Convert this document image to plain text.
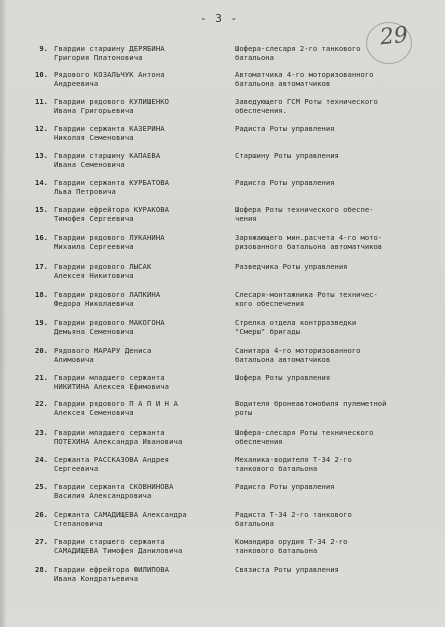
- 3 -
29
9. Гвардии старшину ДЕРЯБИНА
Григория Платоновича
Шофера-слесаря 2-го танкового
батальона
10. Рядового КОЗАЛЬЧУК Антона
Андреевича
Автоматчика 4-го моторизованного
батальона автоматчиков
11. Гвардии рядового КУЛИШЕНКО
Ивана Григорьевича
Заведующего ГСМ Роты технического
обеспечения.
12. Гвардии сержанта КАЗЕРИНА
Николая Семеновича
Радиста Роты управления
13. Гвардии старшину КАПАЕВА
Ивана Семеновича
Старшину Роты управления
14. Гвардии сержанта КУРБАТОВА
Льва Петровича
Радиста Роты управления
15. Гвардии ефрейтора КУРАКОВА
Тимофея Сергеевича
Шофера Роты технического обеспе-
чения
16. Гвардии рядового ЛУКАНИНА
Михаила Сергеевича
Заряжающего мин.расчета 4-го мото-
ризованного батальона автоматчиков
17. Гвардии рядового ЛЫСАК
Алексея Никитовича
Разведчика Роты управления
18. Гвардии рядового ЛАПКИНА
Федора Николаевича
Слесаря-монтажника Роты техничес-
кого обеспечения
19. Гвардии рядового МАКОГОНА
Демьяна Семеновича
Стрелка отдела контрразведки
"Смерш" бригады
20. Рядового МАРАРУ Дениса
Алимовича
Санитара 4-го моторизованного
батальона автоматчиков
21. Гвардии младшего сержанта
НИКИТИНА Алексея Ефимовича
Шофера Роты управления
22. Гвардии рядового П А П И Н А
Алексея Семеновича
Водителя бронеавтомобиля пулеметной
роты
23. Гвардии младшего сержанта
ПОТЕХИНА Александра Ивановича
Шофера-слесаря Роты технического
обеспечения
24. Сержанта РАССКАЗОВА Андрея
Сергеевича
Механика-водителя Т-34 2-го
танкового батальона
25. Гвардии сержанта СКОВНИНОВА
Василия Александровича
Радиста Роты управления
26. Сержанта САМАДИЩЕВА Александра
Степановича
Радиста Т-34 2-го танкового
батальона
27. Гвардии старшего сержанта
САМАДИЩЕВА Тимофея Даниловича
Командира орудия Т-34 2-го
танкового батальона
28. Гвардии ефрейтора ФИЛИПОВА
Ивана Кондратьевича
Связиста Роты управления
